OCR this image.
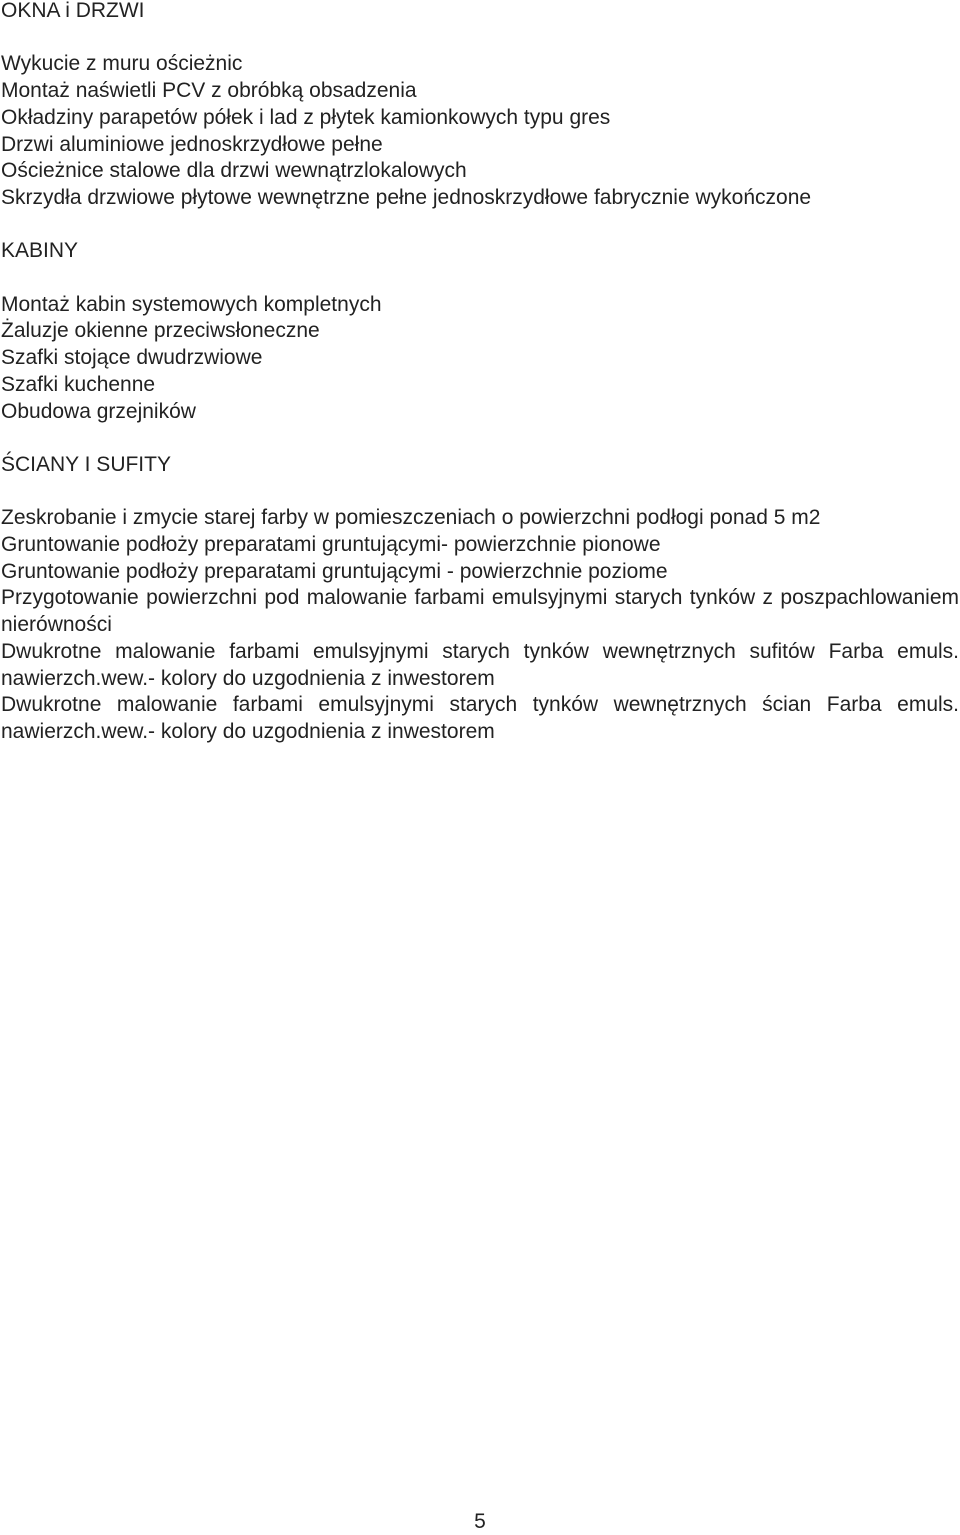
OKNA i DRZWI
Wykucie z muru ościeżnic
Montaż naświetli PCV z obróbką obsadzenia
Okładziny parapetów półek i lad z płytek kamionkowych typu gres
Drzwi aluminiowe jednoskrzydłowe pełne
Ościeżnice stalowe dla drzwi wewnątrzlokalowych
Skrzydła drzwiowe płytowe wewnętrzne pełne jednoskrzydłowe fabrycznie wykończone
KABINY
Montaż kabin systemowych kompletnych
Żaluzje okienne przeciwsłoneczne
Szafki stojące dwudrzwiowe
Szafki kuchenne
Obudowa grzejników
ŚCIANY I SUFITY
Zeskrobanie i zmycie starej farby w pomieszczeniach o powierzchni podłogi ponad 5 m2
Gruntowanie podłoży preparatami gruntującymi- powierzchnie pionowe
Gruntowanie podłoży preparatami gruntującymi - powierzchnie poziome
Przygotowanie powierzchni pod malowanie farbami emulsyjnymi starych tynków z poszpachlowaniem nierówności
Dwukrotne malowanie farbami emulsyjnymi starych tynków wewnętrznych sufitów Farba emuls. nawierzch.wew.- kolory do uzgodnienia z inwestorem
Dwukrotne malowanie farbami emulsyjnymi starych tynków wewnętrznych ścian Farba emuls. nawierzch.wew.- kolory do uzgodnienia z inwestorem
5
